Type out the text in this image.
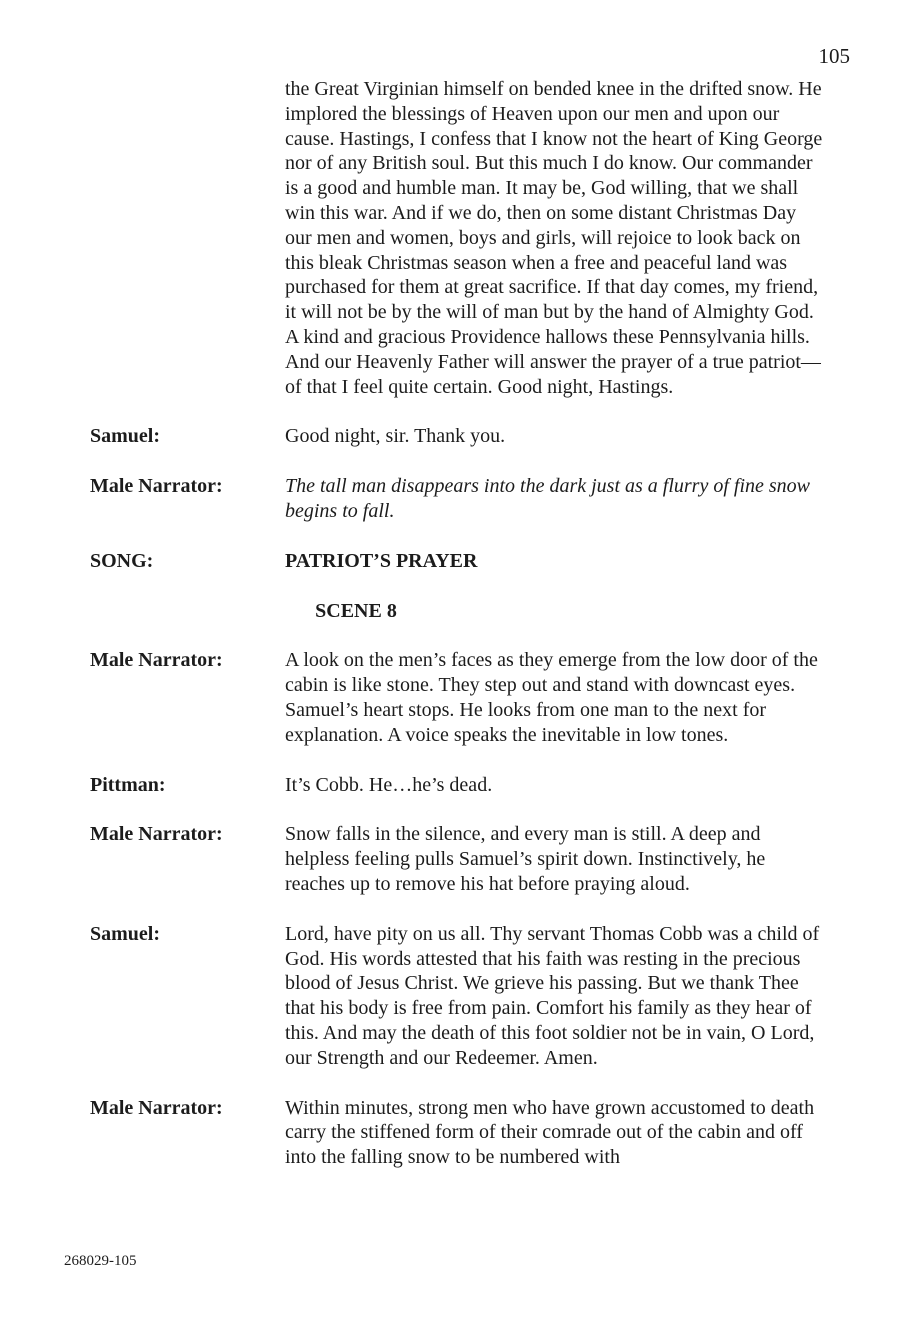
105
the Great Virginian himself on bended knee in the drifted snow. He implored the blessings of Heaven upon our men and upon our cause. Hastings, I confess that I know not the heart of King George nor of any British soul. But this much I do know. Our commander is a good and humble man. It may be, God willing, that we shall win this war. And if we do, then on some distant Christmas Day our men and women, boys and girls, will rejoice to look back on this bleak Christmas season when a free and peaceful land was purchased for them at great sacrifice. If that day comes, my friend, it will not be by the will of man but by the hand of Almighty God. A kind and gracious Providence hallows these Pennsylvania hills. And our Heavenly Father will answer the prayer of a true patriot—of that I feel quite certain. Good night, Hastings.
Samuel:	Good night, sir. Thank you.
Male Narrator:	The tall man disappears into the dark just as a flurry of fine snow begins to fall.
SONG:	PATRIOT’S PRAYER
SCENE 8
Male Narrator:	A look on the men’s faces as they emerge from the low door of the cabin is like stone. They step out and stand with downcast eyes. Samuel’s heart stops. He looks from one man to the next for explanation. A voice speaks the inevitable in low tones.
Pittman:	It’s Cobb. He…he’s dead.
Male Narrator:	Snow falls in the silence, and every man is still. A deep and helpless feeling pulls Samuel’s spirit down. Instinctively, he reaches up to remove his hat before praying aloud.
Samuel:	Lord, have pity on us all. Thy servant Thomas Cobb was a child of God. His words attested that his faith was resting in the precious blood of Jesus Christ. We grieve his passing. But we thank Thee that his body is free from pain. Comfort his family as they hear of this. And may the death of this foot soldier not be in vain, O Lord, our Strength and our Redeemer. Amen.
Male Narrator:	Within minutes, strong men who have grown accustomed to death carry the stiffened form of their comrade out of the cabin and off into the falling snow to be numbered with
268029-105
